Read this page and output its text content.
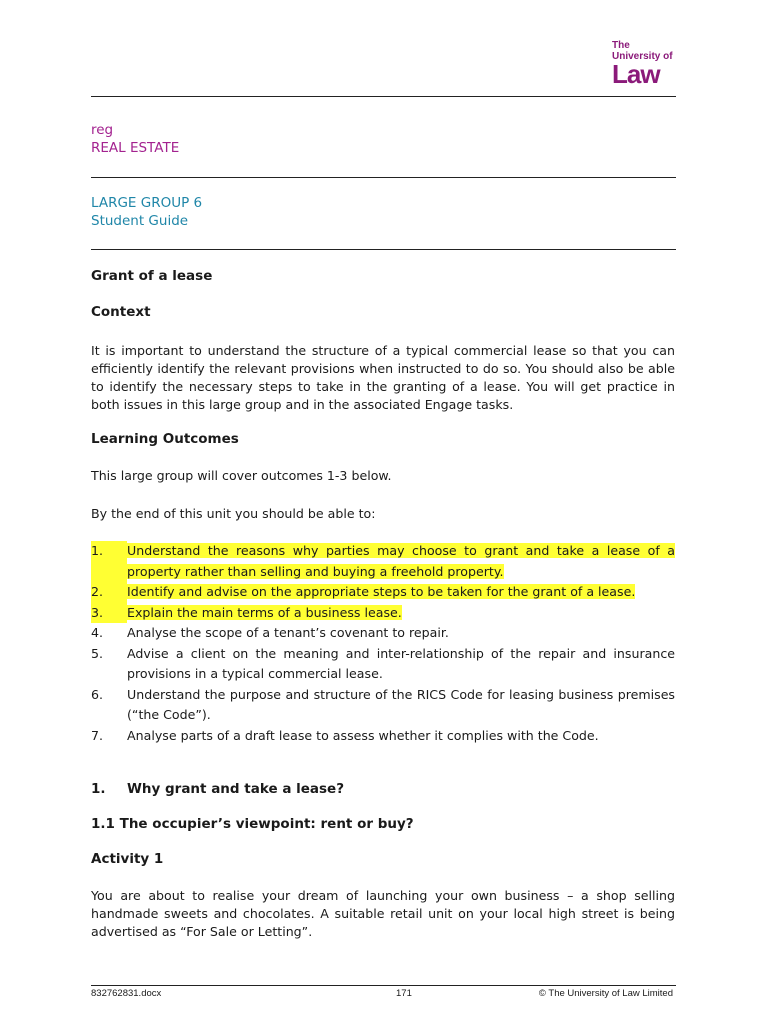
The
University of
Law
reg
REAL ESTATE
LARGE GROUP 6
Student Guide
Grant of a lease
Context
It is important to understand the structure of a typical commercial lease so that you can efficiently identify the relevant provisions when instructed to do so. You should also be able to identify the necessary steps to take in the granting of a lease. You will get practice in both issues in this large group and in the associated Engage tasks.
Learning Outcomes
This large group will cover outcomes 1-3 below.
By the end of this unit you should be able to:
1.	Understand the reasons why parties may choose to grant and take a lease of a property rather than selling and buying a freehold property.
2.	Identify and advise on the appropriate steps to be taken for the grant of a lease.
3.	Explain the main terms of a business lease.
4.	Analyse the scope of a tenant’s covenant to repair.
5.	Advise a client on the meaning and inter-relationship of the repair and insurance provisions in a typical commercial lease.
6.	Understand the purpose and structure of the RICS Code for leasing business premises (“the Code”).
7.	Analyse parts of a draft lease to assess whether it complies with the Code.
1. Why grant and take a lease?
1.1 The occupier’s viewpoint: rent or buy?
Activity 1
You are about to realise your dream of launching your own business – a shop selling handmade sweets and chocolates. A suitable retail unit on your local high street is being advertised as “For Sale or Letting”.
832762831.docx	171	© The University of Law Limited
